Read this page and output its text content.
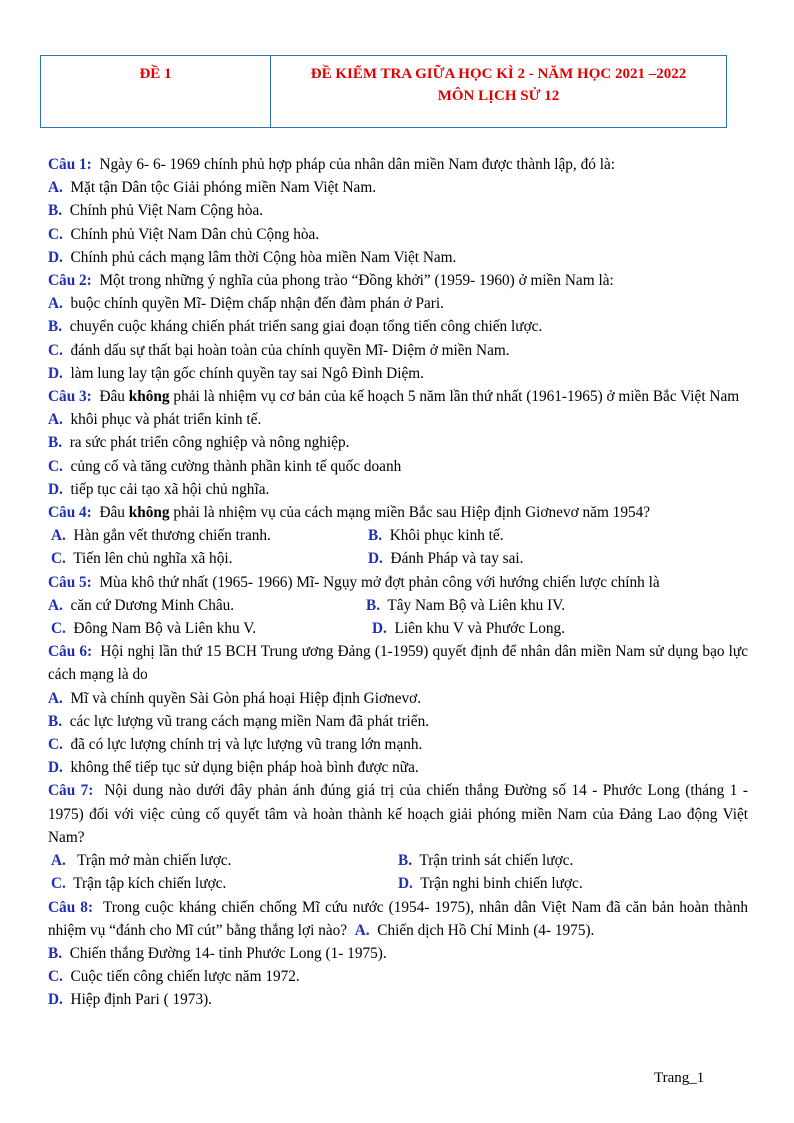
ĐỀ 1	ĐỀ KIỂM TRA GIỮA HỌC KÌ 2 - NĂM HỌC 2021 –2022
MÔN LỊCH SỬ 12

Câu 1: Ngày 6- 6- 1969 chính phủ hợp pháp của nhân dân miền Nam được thành lập, đó là:

A. Mặt tận Dân tộc Giải phóng miền Nam Việt Nam.

B. Chính phủ Việt Nam Cộng hòa.

C. Chính phủ Việt Nam Dân chủ Cộng hòa.

D. Chính phủ cách mạng lâm thời Cộng hòa miền Nam Việt Nam.

Câu 2: Một trong những ý nghĩa của phong trào “Đồng khởi” (1959- 1960) ở miền Nam là:

A. buộc chính quyền Mĩ- Diệm chấp nhận đến đàm phán ở Pari.

B. chuyển cuộc kháng chiến phát triển sang giai đoạn tổng tiến công chiến lược.

C. đánh dấu sự thất bại hoàn toàn của chính quyền Mĩ- Diệm ở miền Nam.

D. làm lung lay tận gốc chính quyền tay sai Ngô Đình Diệm.

Câu 3: Đâu không phải là nhiệm vụ cơ bản của kế hoạch 5 năm lần thứ nhất (1961-1965) ở miền Bắc Việt Nam

A. khôi phục và phát triển kinh tế.

B. ra sức phát triển công nghiệp và nông nghiệp.

C. củng cố và tăng cường thành phần kinh tế quốc doanh

D. tiếp tục cải tạo xã hội chủ nghĩa.

Câu 4: Đâu không phải là nhiệm vụ của cách mạng miền Bắc sau Hiệp định Giơnevơ năm 1954?

A. Hàn gắn vết thương chiến tranh.	B. Khôi phục kinh tế.
C. Tiến lên chủ nghĩa xã hội.	D. Đánh Pháp và tay sai.

Câu 5: Mùa khô thứ nhất (1965- 1966) Mĩ- Ngụy mở đợt phản công với hướng chiến lược chính là

A. căn cứ Dương Minh Châu.	B. Tây Nam Bộ và Liên khu IV.
C. Đông Nam Bộ và Liên khu V.	D. Liên khu V và Phước Long.

Câu 6: Hội nghị lần thứ 15 BCH Trung ương Đảng (1-1959) quyết định để nhân dân miền Nam sử dụng bạo lực cách mạng là do

A. Mĩ và chính quyền Sài Gòn phá hoại Hiệp định Giơnevơ.

B. các lực lượng vũ trang cách mạng miền Nam đã phát triển.

C. đã có lực lượng chính trị và lực lượng vũ trang lớn mạnh.

D. không thể tiếp tục sử dụng biện pháp hoà bình được nữa.

Câu 7: Nội dung nào dưới đây phản ánh đúng giá trị của chiến thắng Đường số 14 - Phước Long (tháng 1 - 1975) đối với việc củng cố quyết tâm và hoàn thành kế hoạch giải phóng miền Nam của Đảng Lao động Việt Nam?

A. Trận mở màn chiến lược.	B. Trận trinh sát chiến lược.
C. Trận tập kích chiến lược.	D. Trận nghi binh chiến lược.

Câu 8: Trong cuộc kháng chiến chống Mĩ cứu nước (1954- 1975), nhân dân Việt Nam đã căn bản hoàn thành nhiệm vụ “đánh cho Mĩ cút” bằng thắng lợi nào? A. Chiến dịch Hồ Chí Minh (4- 1975).

B. Chiến thắng Đường 14- tỉnh Phước Long (1- 1975).

C. Cuộc tiến công chiến lược năm 1972.

D. Hiệp định Pari ( 1973).

Trang_1
